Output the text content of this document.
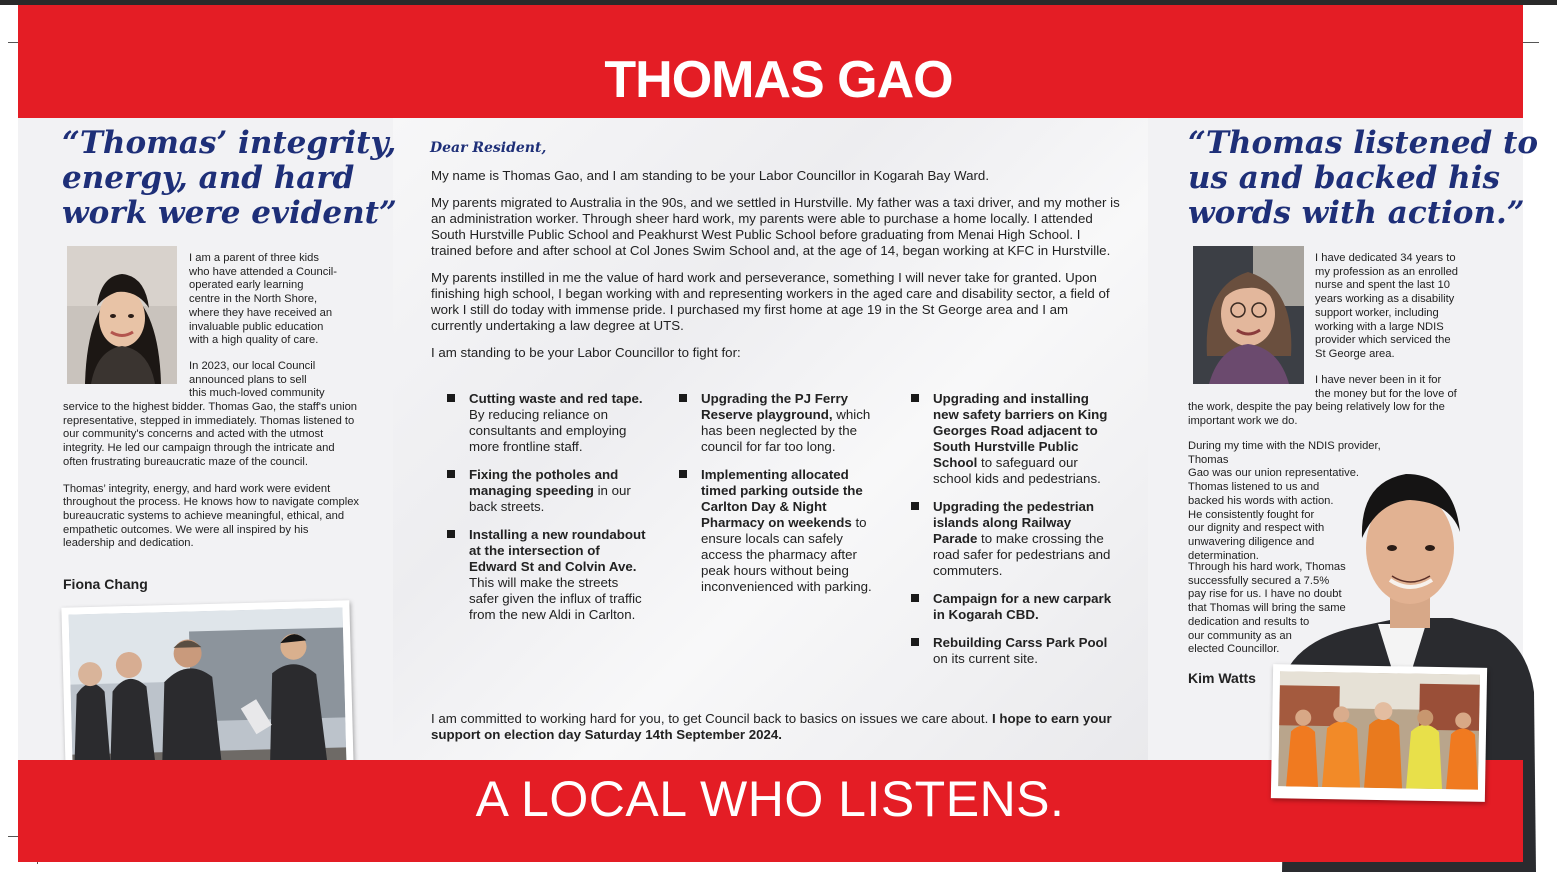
THOMAS GAO
“Thomas’ integrity,
energy, and hard
work were evident”
I am a parent of three kids
who have attended a Council-
operated early learning
centre in the North Shore,
where they have received an
invaluable public education
with a high quality of care.
In 2023, our local Council
announced plans to sell
this much-loved community

service to the highest bidder. Thomas Gao, the staff's union representative, stepped in immediately. Thomas listened to our community's concerns and acted with the utmost integrity. He led our campaign through the intricate and often frustrating bureaucratic maze of the council.

Thomas’ integrity, energy, and hard work were evident throughout the process. He knows how to navigate complex bureaucratic systems to achieve meaningful, ethical, and empathetic outcomes. We were all inspired by his leadership and dedication.

Fiona Chang
Dear Resident,

My name is Thomas Gao, and I am standing to be your Labor Councillor in Kogarah Bay Ward.

My parents migrated to Australia in the 90s, and we settled in Hurstville. My father was a taxi driver, and my mother is an administration worker. Through sheer hard work, my parents were able to purchase a home locally. I attended South Hurstville Public School and Peakhurst West Public School before graduating from Menai High School. I trained before and after school at Col Jones Swim School and, at the age of 14, began working at KFC in Hurstville.

My parents instilled in me the value of hard work and perseverance, something I will never take for granted. Upon finishing high school, I began working with and representing workers in the aged care and disability sector, a field of work I still do today with immense pride. I purchased my first home at age 19 in the St George area and I am currently undertaking a law degree at UTS.

I am standing to be your Labor Councillor to fight for:

Cutting waste and red tape. By reducing reliance on consultants and employing more frontline staff.
Fixing the potholes and managing speeding in our back streets.
Installing a new roundabout at the intersection of Edward St and Colvin Ave. This will make the streets safer given the influx of traffic from the new Aldi in Carlton.
Upgrading the PJ Ferry Reserve playground, which has been neglected by the council for far too long.
Implementing allocated timed parking outside the Carlton Day & Night Pharmacy on weekends to ensure locals can safely access the pharmacy after peak hours without being inconvenienced with parking.
Upgrading and installing new safety barriers on King Georges Road adjacent to South Hurstville Public School to safeguard our school kids and pedestrians.
Upgrading the pedestrian islands along Railway Parade to make crossing the road safer for pedestrians and commuters.
Campaign for a new carpark in Kogarah CBD.
Rebuilding Carss Park Pool on its current site.
I am committed to working hard for you, to get Council back to basics on issues we care about. I hope to earn your support on election day Saturday 14th September 2024.
“Thomas listened to
us and backed his
words with action.”
I have dedicated 34 years to
my profession as an enrolled
nurse and spent the last 10
years working as a disability
support worker, including
working with a large NDIS
provider which serviced the
St George area.
I have never been in it for
the money but for the love of
the work, despite the pay being relatively low for the
important work we do.
During my time with the NDIS provider, Thomas
Gao was our union representative.
Thomas listened to us and
backed his words with action.
He consistently fought for
our dignity and respect with
unwavering diligence and
determination.
Through his hard work, Thomas
successfully secured a 7.5%
pay rise for us. I have no doubt
that Thomas will bring the same
dedication and results to
our community as an
elected Councillor.
Kim Watts
A LOCAL WHO LISTENS.
